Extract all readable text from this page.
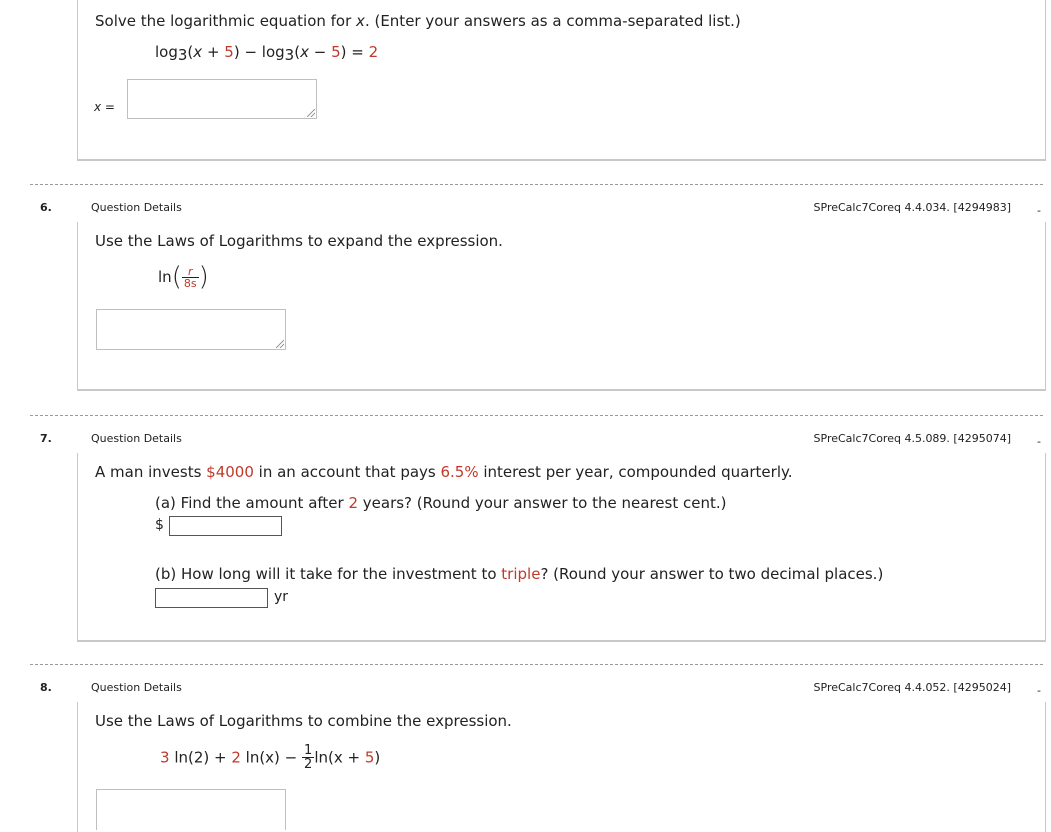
Solve the logarithmic equation for x. (Enter your answers as a comma-separated list.)
$\log_3(x + 5) - \log_3(x - 5) = 2$
x =
6.	Question Details	SPreCalc7Coreq 4.4.034. [4294983] -
Use the Laws of Logarithms to expand the expression.
$\ln( \frac{r}{8s}$ )
7.	Question Details	SPreCalc7Coreq 4.5.089. [4295074] -
A man invests $4000 in an account that pays 6.5% interest per year, compounded quarterly.
(a) Find the amount after 2 years? (Round your answer to the nearest cent.)
$
(b) How long will it take for the investment to triple? (Round your answer to two decimal places.)
yr
8.	Question Details	SPreCalc7Coreq 4.4.052. [4295024] -
Use the Laws of Logarithms to combine the expression.
3 ln(2) + 2 $\ln(x) - \frac{1}{2} \ln(x + 5)$
